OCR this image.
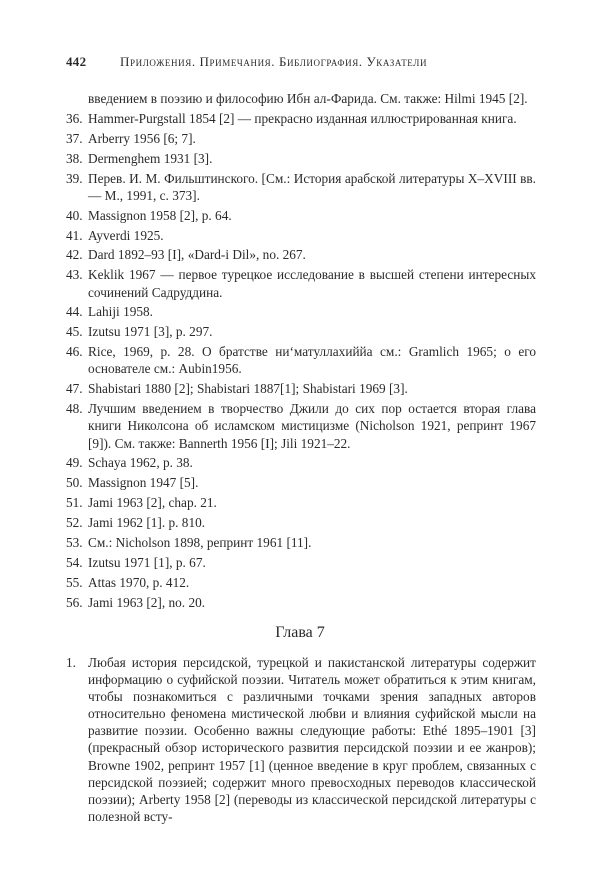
442	Приложения. Примечания. Библиография. Указатели
введением в поэзию и философию Ибн ал-Фарида. См. также: Hilmi 1945 [2].
36. Hammer-Purgstall 1854 [2] — прекрасно изданная иллюстрированная книга.
37. Arberry 1956 [6; 7].
38. Dermenghem 1931 [3].
39. Перев. И. М. Фильштинского. [См.: История арабской литературы X–XVIII вв. — М., 1991, с. 373].
40. Massignon 1958 [2], p. 64.
41. Ayverdi 1925.
42. Dard 1892–93 [I], «Dard-i Dil», no. 267.
43. Keklik 1967 — первое турецкое исследование в высшей степени интересных сочинений Садруддина.
44. Lahiji 1958.
45. Izutsu 1971 [3], p. 297.
46. Rice, 1969, p. 28. О братстве ни‘матуллахиййа см.: Gramlich 1965; о его основателе см.: Aubin1956.
47. Shabistari 1880 [2]; Shabistari 1887[1]; Shabistari 1969 [3].
48. Лучшим введением в творчество Джили до сих пор остается вторая глава книги Николсона об исламском мистицизме (Nicholson 1921, репринт 1967 [9]). См. также: Bannerth 1956 [I]; Jili 1921–22.
49. Schaya 1962, p. 38.
50. Massignon 1947 [5].
51. Jami 1963 [2], chap. 21.
52. Jami 1962 [1]. p. 810.
53. См.: Nicholson 1898, репринт 1961 [11].
54. Izutsu 1971 [1], p. 67.
55. Attas 1970, p. 412.
56. Jami 1963 [2], no. 20.
Глава 7
1. Любая история персидской, турецкой и пакистанской литературы содержит информацию о суфийской поэзии. Читатель может обратиться к этим книгам, чтобы познакомиться с различными точками зрения западных авторов относительно феномена мистической любви и влияния суфийской мысли на развитие поэзии. Особенно важны следующие работы: Ethé 1895–1901 [3] (прекрасный обзор исторического развития персидской поэзии и ее жанров); Browne 1902, репринт 1957 [1] (ценное введение в круг проблем, связанных с персидской поэзией; содержит много превосходных переводов классической поэзии); Arberty 1958 [2] (переводы из классической персидской литературы с полезной всту-
